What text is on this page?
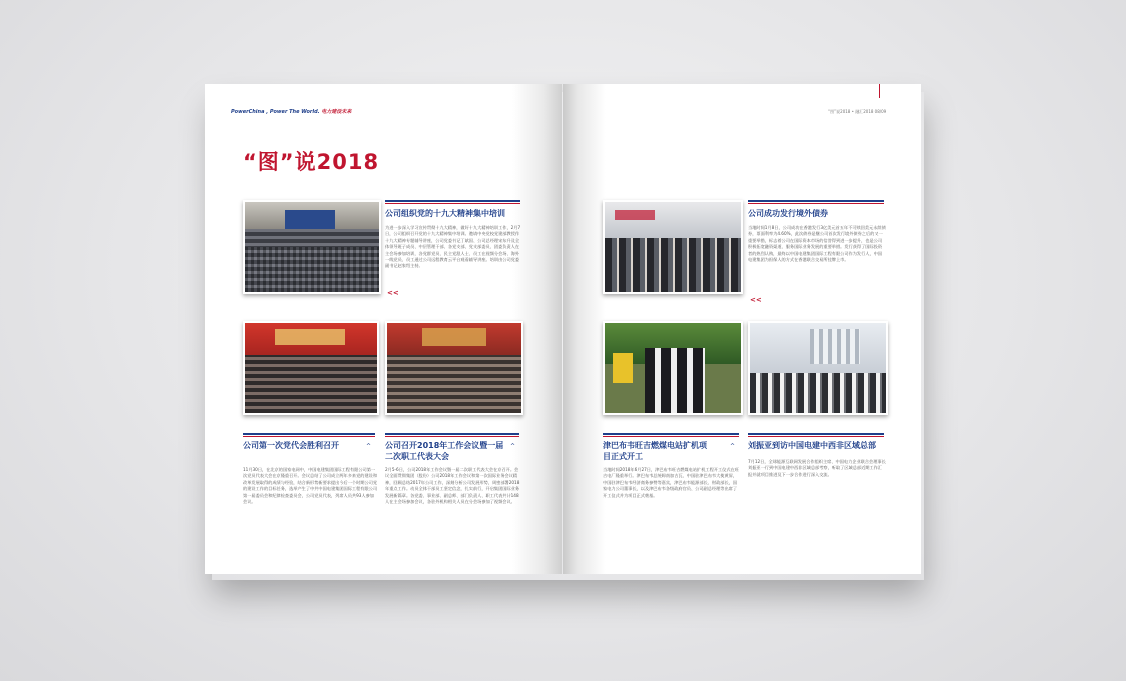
PowerChina , Power The World. 电力建设未来
“图”说2018
公司组织党的十九大精神集中培训
为进一步深入学习宣传贯彻十九大精神，做好十九大精神培训工作，2月7日，公司组织召开党的十九大精神集中培训。邀请中央党校党建部教授作十九大精神专题辅导讲座，公司党委书记丁斌国、公司总经理宋东升及全体领导班子成员、中层管理干部、各党支部、党支部委员、团委负责人在主会场参加培训，各党群党员、民主党派人士、员工在视频分会场、海外一线党员、员工通过公司远程教育云平台观看辅导讲座。培训由公司党委副书记赵家绍主持。
<<
公司第一次党代会胜利召开	^
11月30日，在北京的国家电网中，中国电建集团国际工程有限公司第一次党员代表大会在京隆重召开。会议总结了公司成立两年多来党的建设和改革发展取得的成绩与经验，结合新形势新要求提出今后一个时期公司党的建设工作的目标任务，选举产生了中共中国电建集团国际工程有限公司第一届委员会和纪律检查委员会，公司党员代表，列席人员共93人参加会议。
公司召开2018年工作会议暨一届二次职工代表大会
^
2月5-6日，公司2018年工作会议暨一届二次职工代表大会在京召开。会议全面贯彻集团（股份）公司2018年工作会议和第一次国际业务会议精神，回顾总结2017年公司工作，深刻分析公司发展形势，周密部署2018年重点工作。动员全体干部员工坚定信念，扎实前行，开启集团国际业务发展新篇章。各党委、事业部、副总师、部门负责人、职工代表共计148人在主会场参加会议，各驻外机构相关人员在分会场参加了视频会议。
“图”说2018 • 融汇2018 08/09
公司成功发行境外债券
当地时间1月8日，公司成功在香港发行3亿美元首五年不可赎回美元永续债券，票面利率为4.60%，此次债券是继公司首次发行境外债券之后的又一重要举措，标志着公司在国际资本市场的信誉得到进一步提升，也是公司积极拓宽融资渠道、服务国际业务发展的重要举措。发行获得了国际投资者的热烈认购，最终以中国电建集团国际工程有限公司作为发行人，中国电建集团为担保人的方式在香港联合交易所挂牌上市。
<<
津巴布韦旺吉燃煤电站扩机项目正式开工
^
当地时间2018年6月27日，津巴布韦旺吉燃煤电站扩机工程开工仪式在旺吉电厂隆重举行。津巴布韦总统姆南加古瓦、中国驻津巴布韦大使黄屏，中国驻津巴布韦经济商务参赞等嘉宾，津巴布韦能源部长、财政部长，国家电力公司董事长，以及津巴布韦各级政府官员、公司副总经理等出席了开工仪式并为项目正式奠基。
刘振亚到访中国电建中西非区域总部
7月12日，全球能源互联网发展合作组织主席、中国电力企业联合会理事长刘振亚一行到中国电建中西非区域总部考察，听取了区域总部近期工作汇报并就项目推进及下一步合作进行深入交流。
